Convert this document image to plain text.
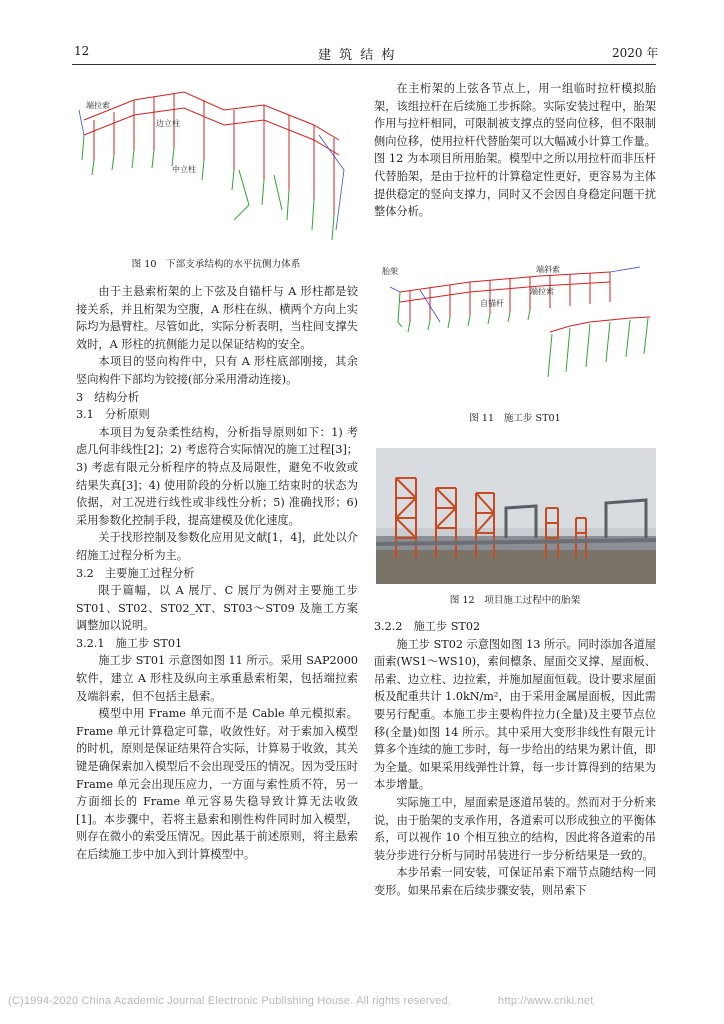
12	建 筑 结 构	2020 年
端拉索
边立柱
中立柱
图 10　下部支承结构的水平抗侧力体系

由于主悬索桁架的上下弦及自锚杆与 A 形柱都是铰接关系，并且桁架为空腹，A 形柱在纵、横两个方向上实际均为悬臂柱。尽管如此，实际分析表明，当柱间支撑失效时，A 形柱的抗侧能力足以保证结构的安全。

本项目的竖向构件中，只有 A 形柱底部刚接，其余竖向构件下部均为铰接(部分采用滑动连接)。

3　结构分析

3.1　分析原则

本项目为复杂柔性结构，分析指导原则如下：1) 考虑几何非线性[2]；2) 考虑符合实际情况的施工过程[3]；3) 考虑有限元分析程序的特点及局限性，避免不收敛或结果失真[3]；4) 使用阶段的分析以施工结束时的状态为依据，对工况进行线性或非线性分析；5) 准确找形；6) 采用参数化控制手段，提高建模及优化速度。

关于找形控制及参数化应用见文献[1，4]，此处以介绍施工过程分析为主。

3.2　主要施工过程分析

限于篇幅，以 A 展厅、C 展厅为例对主要施工步 ST01、ST02、ST02_XT、ST03～ST09 及施工方案调整加以说明。

3.2.1　施工步 ST01

施工步 ST01 示意图如图 11 所示。采用 SAP2000 软件，建立 A 形柱及纵向主承重悬索桁架，包括端拉索及端斜索，但不包括主悬索。

模型中用 Frame 单元而不是 Cable 单元模拟索。Frame 单元计算稳定可靠，收敛性好。对于索加入模型的时机，原则是保证结果符合实际，计算易于收敛，其关键是确保索加入模型后不会出现受压的情况。因为受压时 Frame 单元会出现压应力，一方面与索性质不符，另一方面细长的 Frame 单元容易失稳导致计算无法收敛[1]。本步骤中，若将主悬索和刚性构件同时加入模型，则存在微小的索受压情况。因此基于前述原则，将主悬索在后续施工步中加入到计算模型中。

在主桁架的上弦各节点上，用一组临时拉杆模拟胎架，该组拉杆在后续施工步拆除。实际安装过程中，胎架作用与拉杆相同，可限制被支撑点的竖向位移，但不限制侧向位移，使用拉杆代替胎架可以大幅减小计算工作量。图 12 为本项目所用胎架。模型中之所以用拉杆而非压杆代替胎架，是由于拉杆的计算稳定性更好，更容易为主体提供稳定的竖向支撑力，同时又不会因自身稳定问题干扰整体分析。

胎架	端斜索
端拉索
自锚杆
图 11　施工步 ST01
图 12　项目施工过程中的胎架

3.2.2　施工步 ST02

施工步 ST02 示意图如图 13 所示。同时添加各道屋面索(WS1～WS10)，索间檩条、屋面交叉撑、屋面板、吊索、边立柱、边拉索，并施加屋面恒载。设计要求屋面板及配重共计 1.0kN/m²，由于采用金属屋面板，因此需要另行配重。本施工步主要构件拉力(全量)及主要节点位移(全量)如图 14 所示。其中采用大变形非线性有限元计算多个连续的施工步时，每一步给出的结果为累计值，即为全量。如果采用线弹性计算，每一步计算得到的结果为本步增量。

实际施工中，屋面索是逐道吊装的。然而对于分析来说，由于胎架的支承作用，各道索可以形成独立的平衡体系，可以视作 10 个相互独立的结构，因此将各道索的吊装分步进行分析与同时吊装进行一步分析结果是一致的。

本步吊索一同安装，可保证吊索下端节点随结构一同变形。如果吊索在后续步骤安装，则吊索下

(C)1994-2020 China Academic Journal Electronic Publishing House. All rights reserved.	http://www.cnki.net
